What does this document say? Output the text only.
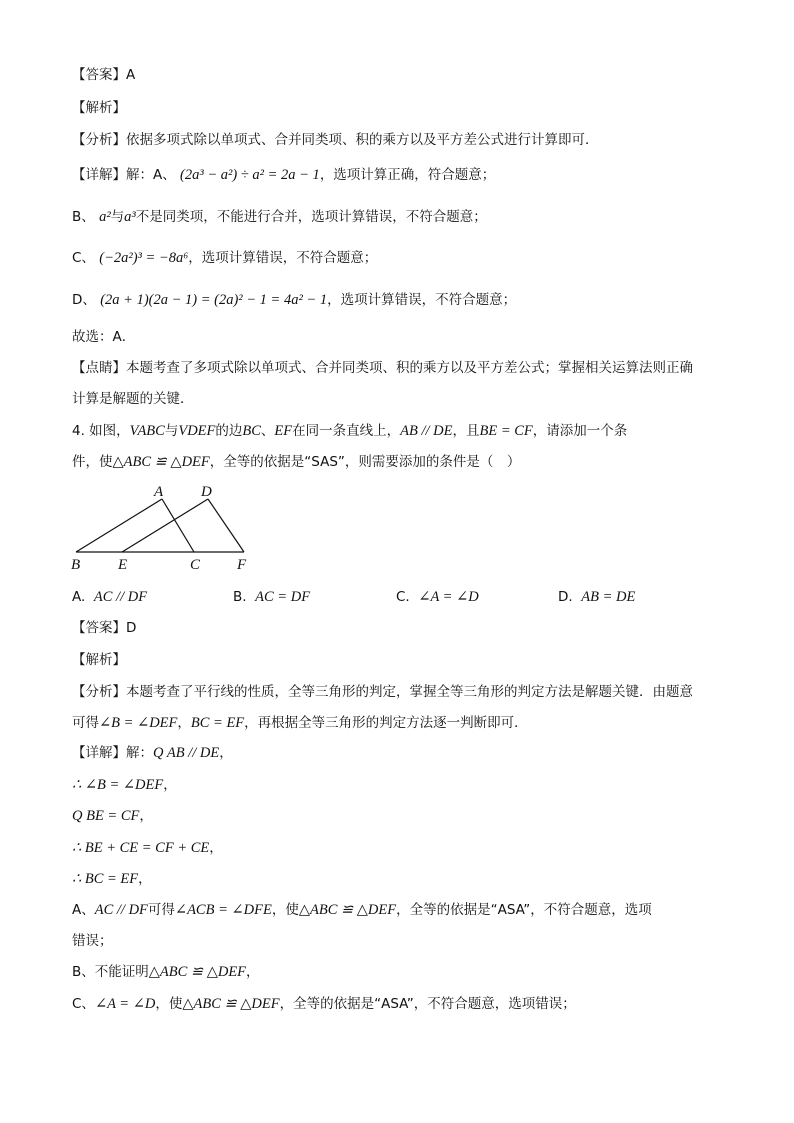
【答案】A
【解析】
【分析】依据多项式除以单项式、合并同类项、积的乘方以及平方差公式进行计算即可．
【详解】解：A、 (2a³ − a²) ÷ a² = 2a − 1，选项计算正确，符合题意；
B、 a²与a³不是同类项，不能进行合并，选项计算错误，不符合题意；
C、 (−2a²)³ = −8a⁶，选项计算错误，不符合题意；
D、 (2a + 1)(2a − 1) = (2a)² − 1 = 4a² − 1，选项计算错误，不符合题意；
故选：A．
【点睛】本题考查了多项式除以单项式、合并同类项、积的乘方以及平方差公式；掌握相关运算法则正确
计算是解题的关键．
4. 如图，VABC与VDEF的边BC、EF在同一条直线上，AB // DE，且BE = CF，请添加一个条
件，使△ABC ≌ △DEF，全等的依据是“SAS”，则需要添加的条件是（　）
A	D
B	E	C F
A. AC // DF	B. AC = DF	C. ∠A = ∠D	D. AB = DE
【答案】D
【解析】
【分析】本题考查了平行线的性质，全等三角形的判定，掌握全等三角形的判定方法是解题关键．由题意
可得∠B = ∠DEF，BC = EF，再根据全等三角形的判定方法逐一判断即可．
【详解】解：Q AB // DE，
∴ ∠B = ∠DEF，
Q BE = CF，
∴ BE + CE = CF + CE，
∴ BC = EF，
A、AC // DF可得∠ACB = ∠DFE，使△ABC ≌ △DEF，全等的依据是“ASA”，不符合题意，选项
错误；
B、不能证明△ABC ≌ △DEF，
C、∠A = ∠D，使△ABC ≌ △DEF，全等的依据是“ASA”，不符合题意，选项错误；
